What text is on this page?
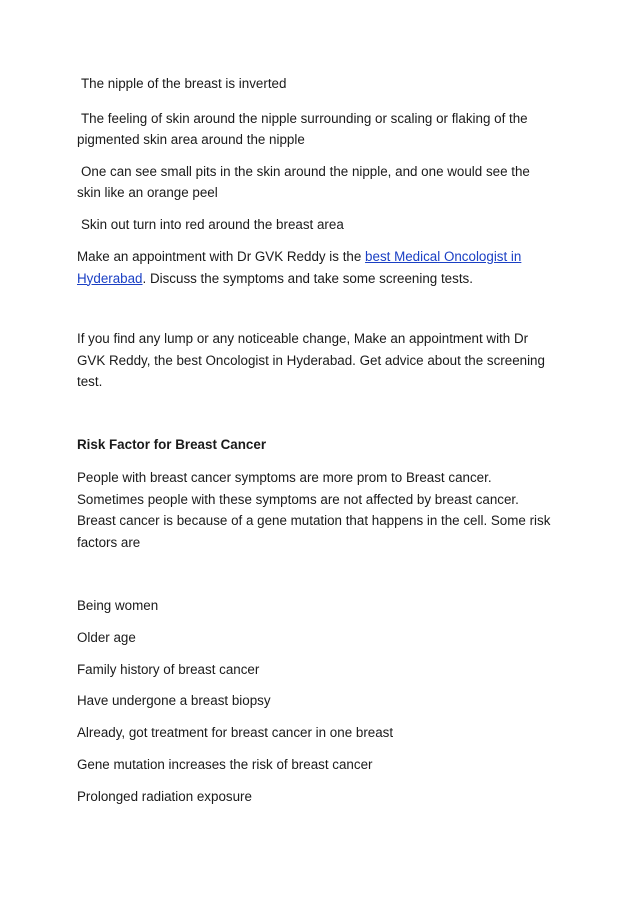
The nipple of the breast is inverted
The feeling of skin around the nipple surrounding or scaling or flaking of the
pigmented skin area around the nipple
One can see small pits in the skin around the nipple, and one would see the
skin like an orange peel
Skin out turn into red around the breast area
Make an appointment with Dr GVK Reddy is the best Medical Oncologist in
Hyderabad. Discuss the symptoms and take some screening tests.
If you find any lump or any noticeable change, Make an appointment with Dr
GVK Reddy, the best Oncologist in Hyderabad. Get advice about the screening
test.
Risk Factor for Breast Cancer
People with breast cancer symptoms are more prom to Breast cancer.
Sometimes people with these symptoms are not affected by breast cancer.
Breast cancer is because of a gene mutation that happens in the cell. Some risk
factors are
Being women
Older age
Family history of breast cancer
Have undergone a breast biopsy
Already, got treatment for breast cancer in one breast
Gene mutation increases the risk of breast cancer
Prolonged radiation exposure
